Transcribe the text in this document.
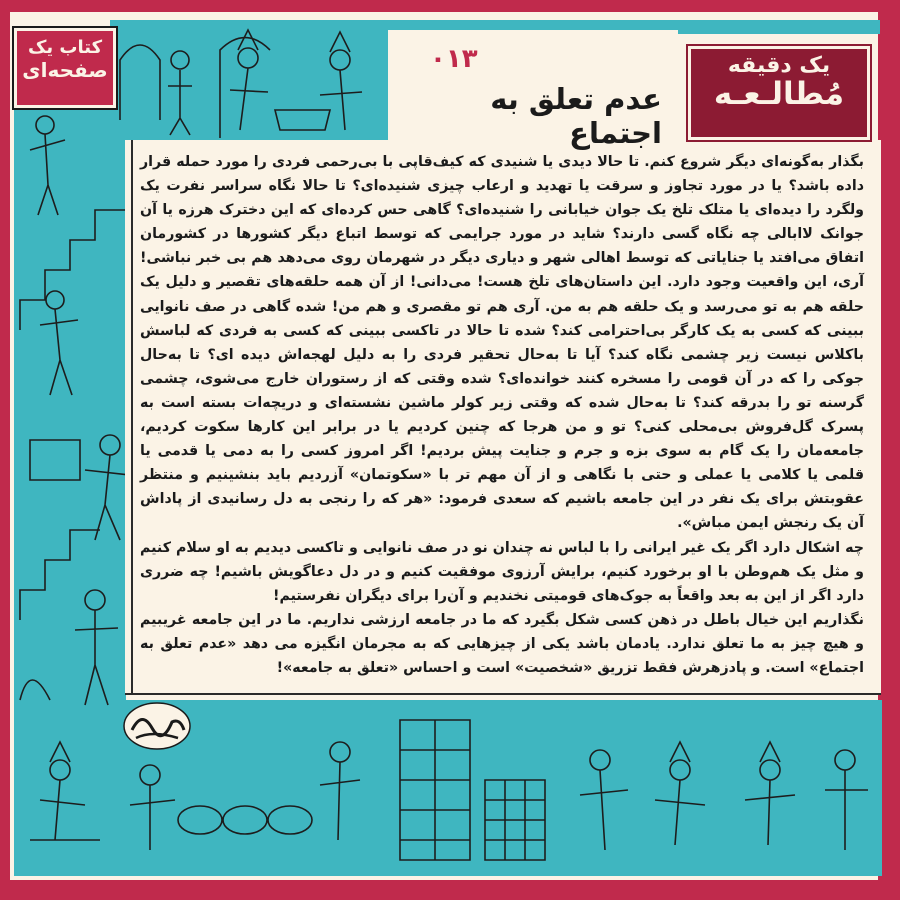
بگذار به‌گونه‌ای دیگر شروع کنم. تا حالا دیدی یا شنیدی که کیف‌قاپی با بی‌رحمی فردی را مورد حمله قرار داده باشد؟ یا در مورد تجاوز و سرقت یا تهدید و ارعاب چیزی شنیده‌ای؟ تا حالا نگاه سراسر نفرت یک ولگرد را دیده‌ای یا متلک تلخ یک جوان خیابانی را شنیده‌ای؟ گاهی حس کرده‌ای که این دخترک هرزه یا آن جوانک لاابالی چه نگاه گسی دارند؟ شاید در مورد جرایمی که توسط اتباع دیگر کشورها در کشورمان اتفاق می‌افتد یا جنایاتی که توسط اهالی شهر و دیاری دیگر در شهرمان روی می‌دهد هم بی خبر نباشی! آری، این واقعیت وجود دارد. این داستان‌های تلخ هست! می‌دانی! از آن همه حلقه‌های تقصیر و دلیل یک حلقه هم به تو می‌رسد و یک حلقه هم به من. آری هم تو مقصری و هم من! شده گاهی در صف نانوایی ببینی که کسی به یک کارگر بی‌احترامی کند؟ شده تا حالا در تاکسی ببینی که کسی به فردی که لباسش باکلاس نیست زیر چشمی نگاه کند؟ آیا تا به‌حال تحقیر فردی را به دلیل لهجه‌اش دیده ای؟ تا به‌حال جوکی را که در آن قومی را مسخره کنند خوانده‌ای؟ شده وقتی که از رستوران خارج می‌شوی، چشمی گرسنه تو را بدرقه کند؟ تا به‌حال شده که وقتی زیر کولر ماشین نشسته‌ای و دریچه‌ات بسته است به پسرک گل‌فروش بی‌محلی کنی؟ تو و من هرجا که چنین کردیم یا در برابر این کارها سکوت کردیم، جامعه‌مان را یک گام به سوی بزه و جرم و جنایت پیش بردیم! اگر امروز کسی را به دمی یا قدمی یا قلمی یا کلامی یا عملی و حتی با نگاهی و از آن مهم تر با «سکوتمان» آزردیم باید بنشینیم و منتظر عقوبتش برای یک نفر در این جامعه باشیم که سعدی فرمود: «هر که را رنجی به دل رسانیدی از پاداش آن یک رنجش ایمن مباش».

چه اشکال دارد اگر یک غیر ایرانی را با لباس نه چندان نو در صف نانوایی و تاکسی دیدیم به او سلام کنیم و مثل یک هم‌وطن با او برخورد کنیم، برایش آرزوی موفقیت کنیم و در دل دعاگویش باشیم! چه ضرری دارد اگر از این به بعد واقعاً به جوک‌های قومیتی نخندیم و آن‌را برای دیگران نفرستیم!

نگذاریم این خیال باطل در ذهن کسی شکل بگیرد که ما در جامعه ارزشی نداریم. ما در این جامعه غریبیم و هیچ چیز به ما تعلق ندارد. یادمان باشد یکی از چیزهایی که به مجرمان انگیزه می دهد «عدم تعلق به اجتماع» است. و پادزهرش فقط تزریق «شخصیت» است و احساس «تعلق به جامعه»!

۰۱۳
عدم تعلق به اجتماع
یک دقیقه
مُطالـعـه
کتاب یک
صفحه‌ای
